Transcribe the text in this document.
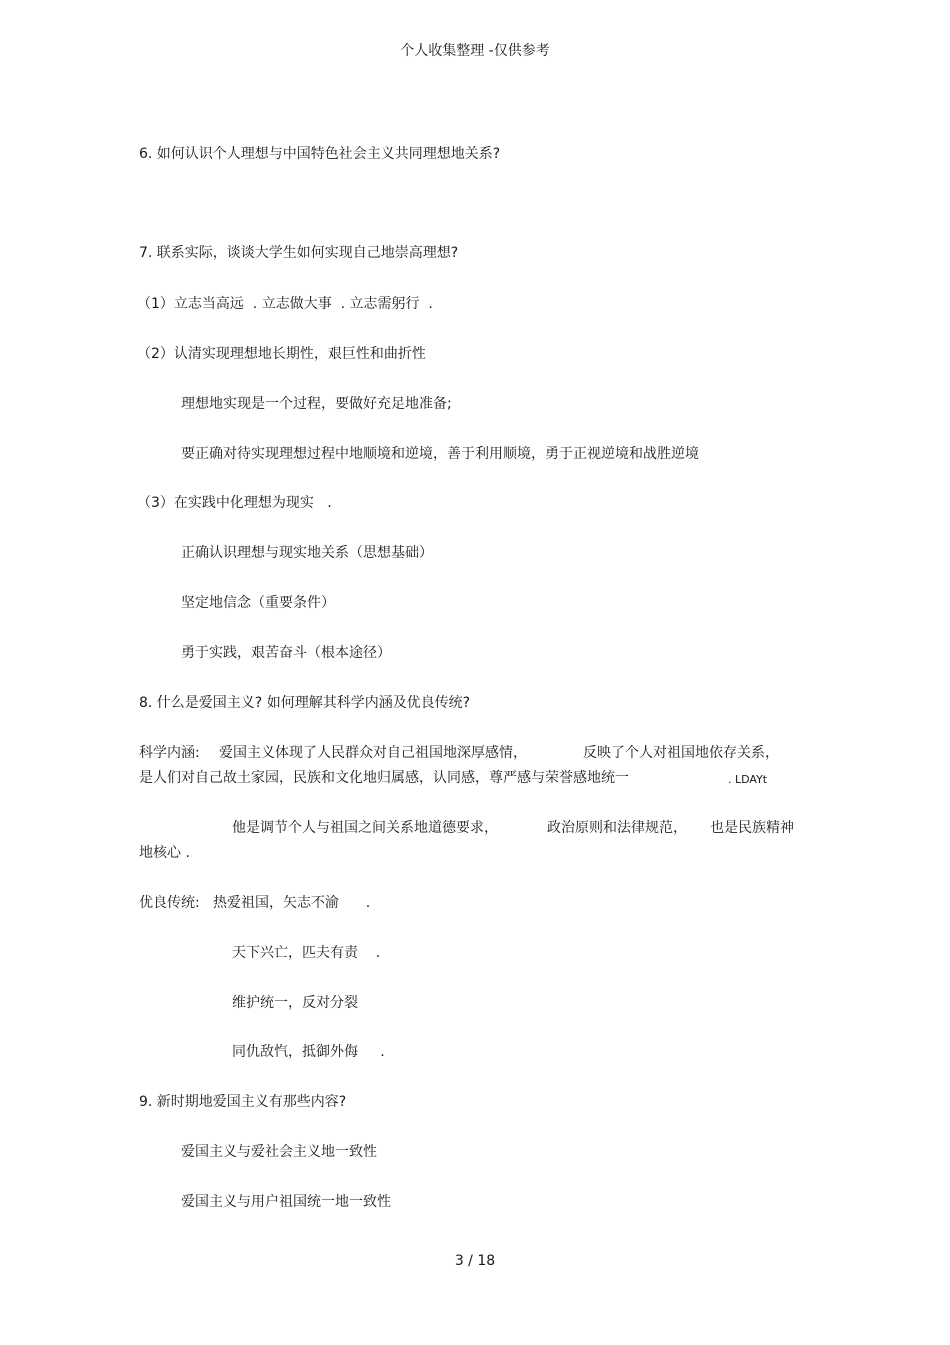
个人收集整理 -仅供参考
6. 如何认识个人理想与中国特色社会主义共同理想地关系?
7. 联系实际，谈谈大学生如何实现自己地崇高理想?
（1）立志当高远  . 立志做大事  . 立志需躬行  .
（2）认清实现理想地长期性，艰巨性和曲折性
理想地实现是一个过程，要做好充足地准备;
要正确对待实现理想过程中地顺境和逆境，善于利用顺境，勇于正视逆境和战胜逆境
（3）在实践中化理想为现实   .
正确认识理想与现实地关系（思想基础）
坚定地信念（重要条件）
勇于实践，艰苦奋斗（根本途径）
8. 什么是爱国主义? 如何理解其科学内涵及优良传统?
科学内涵: 爱国主义体现了人民群众对自己祖国地深厚感情，	反映了个人对祖国地依存关系，
是人们对自己故土家园，民族和文化地归属感，认同感，尊严感与荣誉感地统一	. LDAYt
他是调节个人与祖国之间关系地道德要求，	政治原则和法律规范， 也是民族精神
地核心 .
优良传统: 热爱祖国，矢志不渝      .
天下兴亡，匹夫有责    .
维护统一，反对分裂
同仇敌忾，抵御外侮     .
9. 新时期地爱国主义有那些内容?
爱国主义与爱社会主义地一致性
爱国主义与用户祖国统一地一致性
3 / 18
